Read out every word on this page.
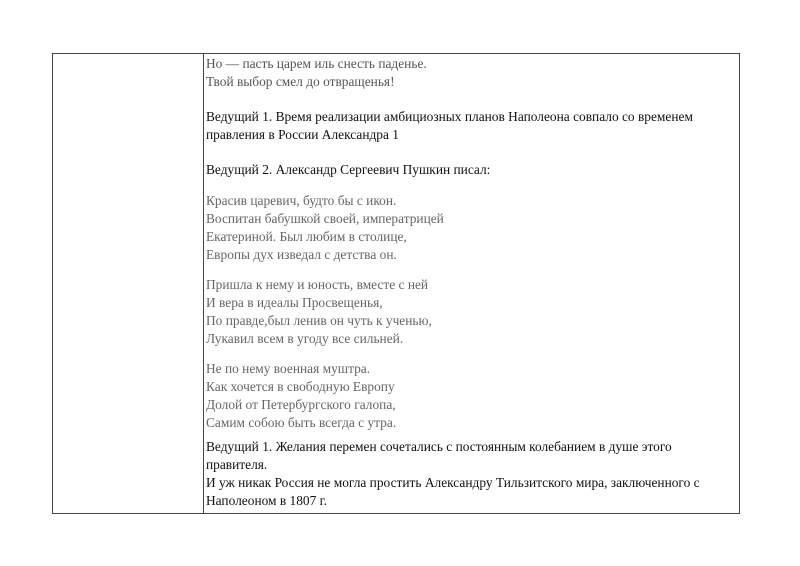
Но — пасть царем иль снесть паденье.
Твой выбор смел до отвращенья!
Ведущий 1. Время реализации амбициозных планов Наполеона совпало со временем
правления в России Александра 1
Ведущий 2. Александр Сергеевич Пушкин писал:
Красив царевич, будто бы с икон.
Воспитан бабушкой своей, императрицей
Екатериной. Был любим в столице,
Европы дух изведал с детства он.
Пришла к нему и юность, вместе с ней
И вера в идеалы Просвещенья,
По правде,был ленив он чуть к ученью,
Лукавил всем в угоду все сильней.
Не по нему военная муштра.
Как хочется в свободную Европу
Долой от Петербургского галопа,
Самим собою быть всегда с утра.
Ведущий 1. Желания перемен сочетались с постоянным колебанием в душе этого
правителя.
И уж никак Россия не могла простить Александру Тильзитского мира, заключенного с
Наполеоном в 1807 г.
